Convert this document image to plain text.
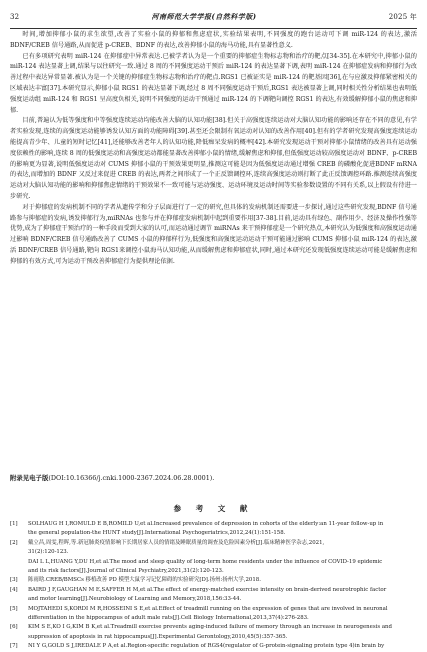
32	河南师范大学学报(自然科学版)	2025 年

时间,增加抑郁小鼠的求生欲望,改善了实验小鼠的抑郁和焦虑症状,实验结果表明,不同强度的跑台运动可下调 miR-124 的表达,激活 BDNF/CREB 信号通路,从而促进 p-CREB、BDNF 的表达,改善抑郁小鼠的海马功能,具有显著性意义.

已有多项研究表明 miR-124 在抑郁症中异常表达.已被学者认为是一个重要的抑郁症生物标志物和治疗的靶点[34-35].在本研究中,抑郁小鼠的 miR-124 表达显著上调,结果与以往研究一致.通过 8 周的不同强度运动干预后 miR-124 的表达显著下调,表明 miR-124 在抑郁症发病和抑郁行为改善过程中表达异常显著.被认为是一个关键的抑郁症生物标志物和治疗的靶点.RGS1 已被证实是 miR-124 的靶基因[36],在与应激及抑郁紧密相关的区域表达丰富[37].本研究显示,抑郁小鼠 RGS1 的表达显著下调,经过 8 周不同强度运动干预后,RGS1 表达被显著上调,同时相关性分析结果也表明低强度运动组 miR-124 和 RGS1 呈高度负相关,说明不同强度的运动干预通过 miR-124 的下调靶向调控 RGS1 的表达,有效缓解抑郁小鼠的焦虑和抑郁.

目前,普遍认为低等强度和中等强度连续运动均能改善大脑的认知功能[38].但关于高强度连续运动对大脑认知功能的影响还存在不同的意见,有学者实验发现,连续的高强度运动能够诱发认知方面的功能障碍[39].甚至还会限制有氧运动对认知的改善作用[40].但有的学者研究发现高强度连续运动能提高青少年、儿童的短时记忆[41],还能够改善老年人的认知功能,降低痴呆发病的概率[42].本研究发现运动干预对抑郁小鼠情绪的改善具有运动强度依赖性的影响,连续 8 周的低强度运动和高强度运动都能显著改善抑郁小鼠的情绪,缓解焦虑和抑郁,但低强度运动较高强度运动对 BDNF、p-CREB 的影响更为显著,说明低强度运动对 CUMS 抑郁小鼠的干预效果更明显,推测这可能是因为低强度运动通过增强 CREB 的磷酸化促进BDNF mRNA 的表达,而增加的 BDNF 又反过来促进 CREB 的表达,两者之间形成了一个正反馈调控环,连续高强度运动则打断了此正反馈调控环路.推测连续高强度运动对大脑认知功能的影响和抑郁焦虑情绪的干预效果不一致可能与运动强度、运动环境及运动时间等实验参数设置的不同有关系,以上假设有待进一步研究.

对于抑郁症的发病机制不同的学者从遗传学和分子层面进行了一定的研究,但具体的发病机制还需要进一步探讨,通过这些研究发现,BDNF 信号通路参与抑郁症的发病,诱发抑郁行为,miRNAs 也参与并在抑郁症发病机制中起到重要作用[37-38].目前,运动具有绿色、副作用少、经济及操作性强等优势,成为了抑郁症干预治疗的一种手段而受到大家的认可,而运动通过调节 miRNAs 来干预抑郁症是一个研究热点,本研究认为低强度和高强度运动通过影响 BDNF/CREB 信号通路改善了 CUMS 小鼠的抑郁样行为,低强度和高强度运动运动干预可能通过影响 CUMS 抑郁小鼠 miR-124 的表达,激活 BDNF/CREB 信号通路,靶向 RGS1来调控小鼠海马认知功能,从而缓解焦虑和抑郁症状,同时,通过本研究还发现低强度连续运动可能是缓解焦虑和抑郁的有效方式,可为运动干预改善抑郁症行为提供理论依据.

附录见电子版(DOI:10.16366/j.cnki.1000-2367.2024.06.28.0001).
参 考 文 献
[1]	SOLHAUG H I,ROMULD E B,ROMILD U,et al.Increased prevalence of depression in cohorts of the elderly:an 11-year follow-up in
the general population-the HUNT study[J].International Psychogeriatrics,2012,24(1):151-158.
[2]	戴立昌,周雯,程晖,等.新冠肺炎疫情影响下长期居家人员的情绪及睡眠质量的调查及危险因素分析[J].临床精神医学杂志,2021,
31(2):120-123.
DAI L L,HUANG Y,DU H,et al.The mood and sleep quality of long-term home residents under the influence of COVID-19 epidemic
and its risk factors[J].Journal of Clinical Psychiatry,2021,31(2):120-123.
[3]	陈雨晗.CREB/BMSCs 移植改善 PD 模型大鼠学习记忆障碍的实验研究[D].扬州:扬州大学,2018.
[4]	BAIRD J F,GAUGHAN M E,SAFFER H M,et al.The effect of energy-matched exercise intensity on brain-derived neurotrophic factor
and motor learning[J].Neurobiology of Learning and Memory,2018,156:33-44.
[5]	MOJTAHEDI S,KORDI M R,HOSSEINI S E,et al.Effect of treadmill running on the expression of genes that are involved in neuronal
differentiation in the hippocampus of adult male rats[J].Cell Biology International,2013,37(4):276-283.
[6]	KIM S E,KO I G,KIM B K,et al.Treadmill exercise prevents aging-induced failure of memory through an increase in neurogenesis and
suppression of apoptosis in rat hippocampus[J].Experimental Gerontology,2010,45(5):357-365.
[7]	NI Y G,GOLD S J,IREDALE P A,et al.Region-specific regulation of RGS4(regulator of G-protein-signaling protein type 4)in brain by
